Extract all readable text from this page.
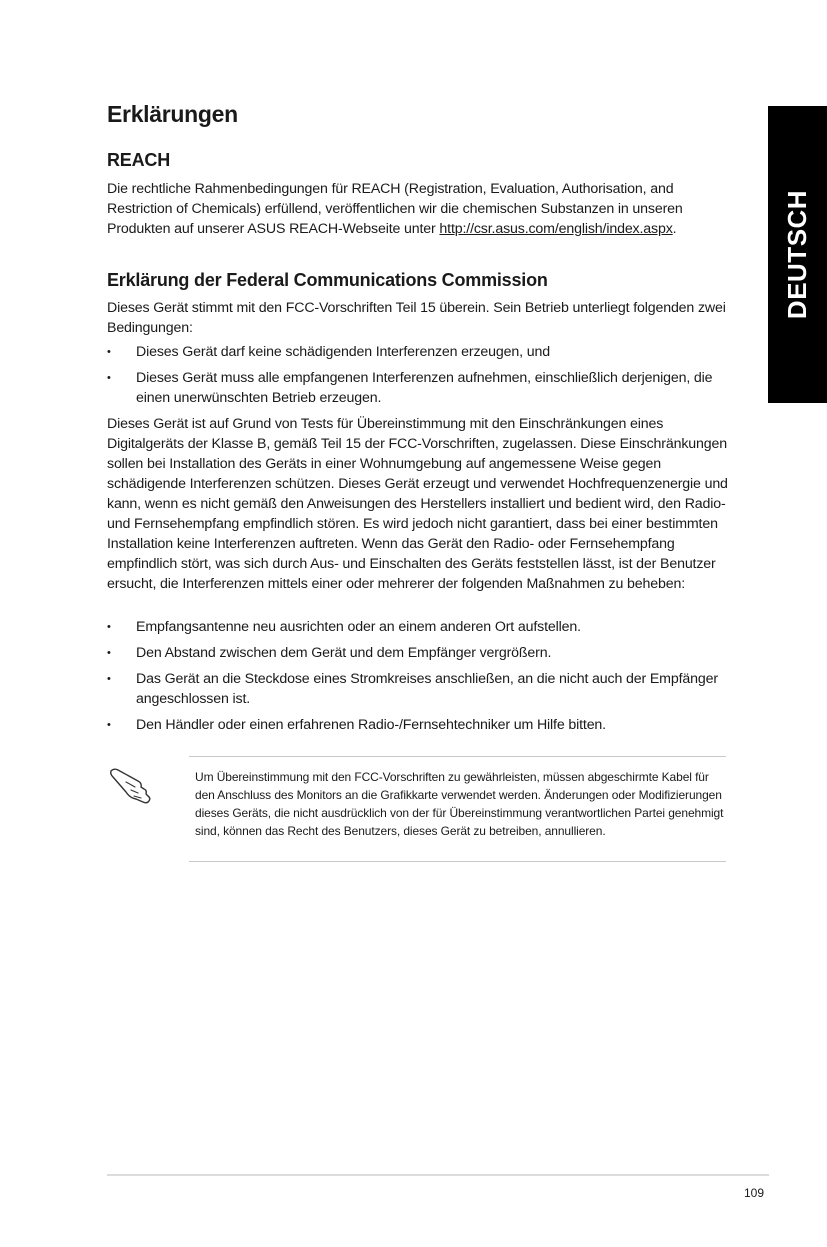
Erklärungen
DEUTSCH
REACH

Die rechtliche Rahmenbedingungen für REACH (Registration, Evaluation, Authorisation, and Restriction of Chemicals) erfüllend, veröffentlichen wir die chemischen Substanzen in unseren Produkten auf unserer ASUS REACH-Webseite unter http://csr.asus.com/english/index.aspx.

Erklärung der Federal Communications Commission

Dieses Gerät stimmt mit den FCC-Vorschriften Teil 15 überein. Sein Betrieb unterliegt folgenden zwei Bedingungen:

• Dieses Gerät darf keine schädigenden Interferenzen erzeugen, und
• Dieses Gerät muss alle empfangenen Interferenzen aufnehmen, einschließlich derjenigen, die einen unerwünschten Betrieb erzeugen.

Dieses Gerät ist auf Grund von Tests für Übereinstimmung mit den Einschränkungen eines Digitalgeräts der Klasse B, gemäß Teil 15 der FCC-Vorschriften, zugelassen. Diese Einschränkungen sollen bei Installation des Geräts in einer Wohnumgebung auf angemessene Weise gegen schädigende Interferenzen schützen. Dieses Gerät erzeugt und verwendet Hochfrequenzenergie und kann, wenn es nicht gemäß den Anweisungen des Herstellers installiert und bedient wird, den Radio- und Fernsehempfang empfindlich stören. Es wird jedoch nicht garantiert, dass bei einer bestimmten Installation keine Interferenzen auftreten. Wenn das Gerät den Radio- oder Fernsehempfang empfindlich stört, was sich durch Aus- und Einschalten des Geräts feststellen lässt, ist der Benutzer ersucht, die Interferenzen mittels einer oder mehrerer der folgenden Maßnahmen zu beheben:

• Empfangsantenne neu ausrichten oder an einem anderen Ort aufstellen.
• Den Abstand zwischen dem Gerät und dem Empfänger vergrößern.
• Das Gerät an die Steckdose eines Stromkreises anschließen, an die nicht auch der Empfänger angeschlossen ist.
• Den Händler oder einen erfahrenen Radio-/Fernsehtechniker um Hilfe bitten.

Um Übereinstimmung mit den FCC-Vorschriften zu gewährleisten, müssen abgeschirmte Kabel für den Anschluss des Monitors an die Grafikkarte verwendet werden. Änderungen oder Modifizierungen dieses Geräts, die nicht ausdrücklich von der für Übereinstimmung verantwortlichen Partei genehmigt sind, können das Recht des Benutzers, dieses Gerät zu betreiben, annullieren.

109
